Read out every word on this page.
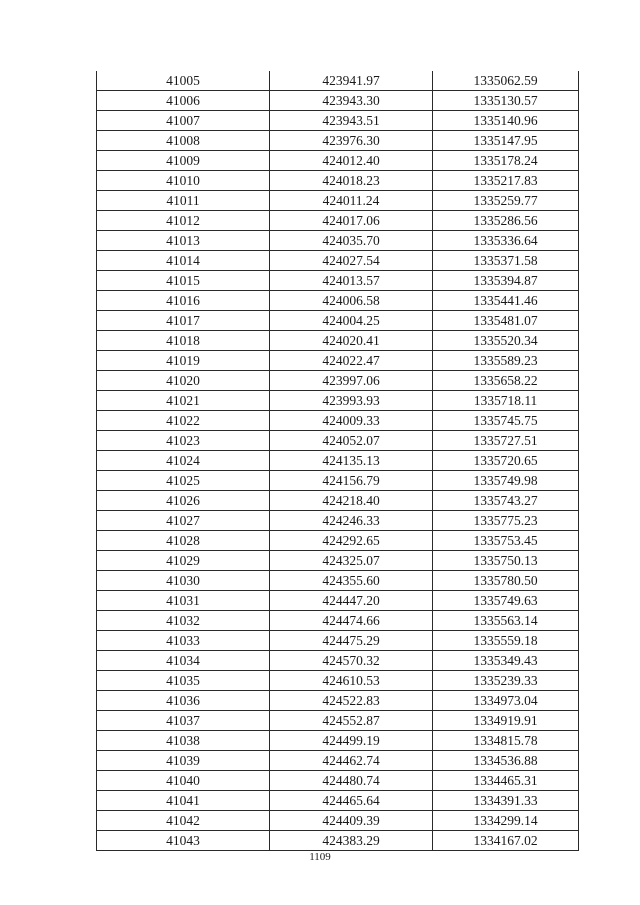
41005	423941.97	1335062.59
41006	423943.30	1335130.57
41007	423943.51	1335140.96
41008	423976.30	1335147.95
41009	424012.40	1335178.24
41010	424018.23	1335217.83
41011	424011.24	1335259.77
41012	424017.06	1335286.56
41013	424035.70	1335336.64
41014	424027.54	1335371.58
41015	424013.57	1335394.87
41016	424006.58	1335441.46
41017	424004.25	1335481.07
41018	424020.41	1335520.34
41019	424022.47	1335589.23
41020	423997.06	1335658.22
41021	423993.93	1335718.11
41022	424009.33	1335745.75
41023	424052.07	1335727.51
41024	424135.13	1335720.65
41025	424156.79	1335749.98
41026	424218.40	1335743.27
41027	424246.33	1335775.23
41028	424292.65	1335753.45
41029	424325.07	1335750.13
41030	424355.60	1335780.50
41031	424447.20	1335749.63
41032	424474.66	1335563.14
41033	424475.29	1335559.18
41034	424570.32	1335349.43
41035	424610.53	1335239.33
41036	424522.83	1334973.04
41037	424552.87	1334919.91
41038	424499.19	1334815.78
41039	424462.74	1334536.88
41040	424480.74	1334465.31
41041	424465.64	1334391.33
41042	424409.39	1334299.14
41043	424383.29	1334167.02
1109
